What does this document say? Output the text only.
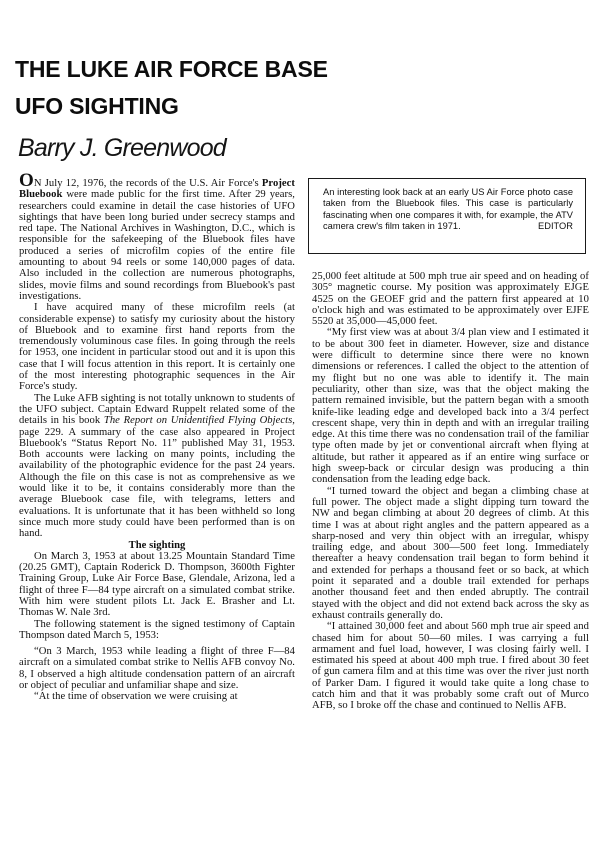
THE LUKE AIR FORCE BASE
UFO SIGHTING
Barry J. Greenwood
An interesting look back at an early US Air Force photo case taken from the Bluebook files. This case is particularly fascinating when one compares it with, for example, the ATV camera crew's film taken in 1971.	EDITOR

ON July 12, 1976, the records of the U.S. Air Force's Project Bluebook were made public for the first time. After 29 years, researchers could examine in detail the case histories of UFO sightings that have been long buried under secrecy stamps and red tape. The National Archives in Washington, D.C., which is responsible for the safekeeping of the Bluebook files have produced a series of microfilm copies of the entire file amounting to about 94 reels or some 140,000 pages of data. Also included in the collection are numerous photographs, slides, movie films and sound recordings from Bluebook's past investigations.

I have acquired many of these microfilm reels (at considerable expense) to satisfy my curiosity about the history of Bluebook and to examine first hand reports from the tremendously voluminous case files. In going through the reels for 1953, one incident in particular stood out and it is upon this case that I will focus attention in this report. It is certainly one of the most interesting photographic sequences in the Air Force's study.

The Luke AFB sighting is not totally unknown to students of the UFO subject. Captain Edward Ruppelt related some of the details in his book The Report on Unidentified Flying Objects, page 229. A summary of the case also appeared in Project Bluebook's “Status Report No. 11” published May 31, 1953. Both accounts were lacking on many points, including the availability of the photographic evidence for the past 24 years. Although the file on this case is not as comprehensive as we would like it to be, it contains considerably more than the average Bluebook case file, with telegrams, letters and evaluations. It is unfortunate that it has been withheld so long since much more study could have been performed than is on hand.

The sighting

On March 3, 1953 at about 13.25 Mountain Standard Time (20.25 GMT), Captain Roderick D. Thompson, 3600th Fighter Training Group, Luke Air Force Base, Glendale, Arizona, led a flight of three F—84 type aircraft on a simulated combat strike. With him were student pilots Lt. Jack E. Brasher and Lt. Thomas W. Nale 3rd.

The following statement is the signed testimony of Captain Thompson dated March 5, 1953:

“On 3 March, 1953 while leading a flight of three F—84 aircraft on a simulated combat strike to Nellis AFB convoy No. 8, I observed a high altitude condensation pattern of an aircraft or object of peculiar and unfamiliar shape and size.

“At the time of observation we were cruising at

25,000 feet altitude at 500 mph true air speed and on heading of 305° magnetic course. My position was approximately EJGE 4525 on the GEOEF grid and the pattern first appeared at 10 o'clock high and was estimated to be approximately over EJFE 5520 at 35,000—45,000 feet.

“My first view was at about 3/4 plan view and I estimated it to be about 300 feet in diameter. However, size and distance were difficult to determine since there were no known dimensions or references. I called the object to the attention of my flight but no one was able to identify it. The main peculiarity, other than size, was that the object making the pattern remained invisible, but the pattern began with a smooth knife-like leading edge and developed back into a 3/4 perfect crescent shape, very thin in depth and with an irregular trailing edge. At this time there was no condensation trail of the familiar type often made by jet or conventional aircraft when flying at altitude, but rather it appeared as if an entire wing surface or high sweep-back or circular design was producing a thin condensation from the leading edge back.

“I turned toward the object and began a climbing chase at full power. The object made a slight dipping turn toward the NW and began climbing at about 20 degrees of climb. At this time I was at about right angles and the pattern appeared as a sharp-nosed and very thin object with an irregular, whispy trailing edge, and about 300—500 feet long. Immediately thereafter a heavy condensation trail began to form behind it and extended for perhaps a thousand feet or so back, at which point it separated and a double trail extended for perhaps another thousand feet and then ended abruptly. The contrail stayed with the object and did not extend back across the sky as exhaust contrails generally do.

“I attained 30,000 feet and about 560 mph true air speed and chased him for about 50—60 miles. I was carrying a full armament and fuel load, however, I was closing fairly well. I estimated his speed at about 400 mph true. I fired about 30 feet of gun camera film and at this time was over the river just north of Parker Dam. I figured it would take quite a long chase to catch him and that it was probably some craft out of Murco AFB, so I broke off the chase and continued to Nellis AFB.
